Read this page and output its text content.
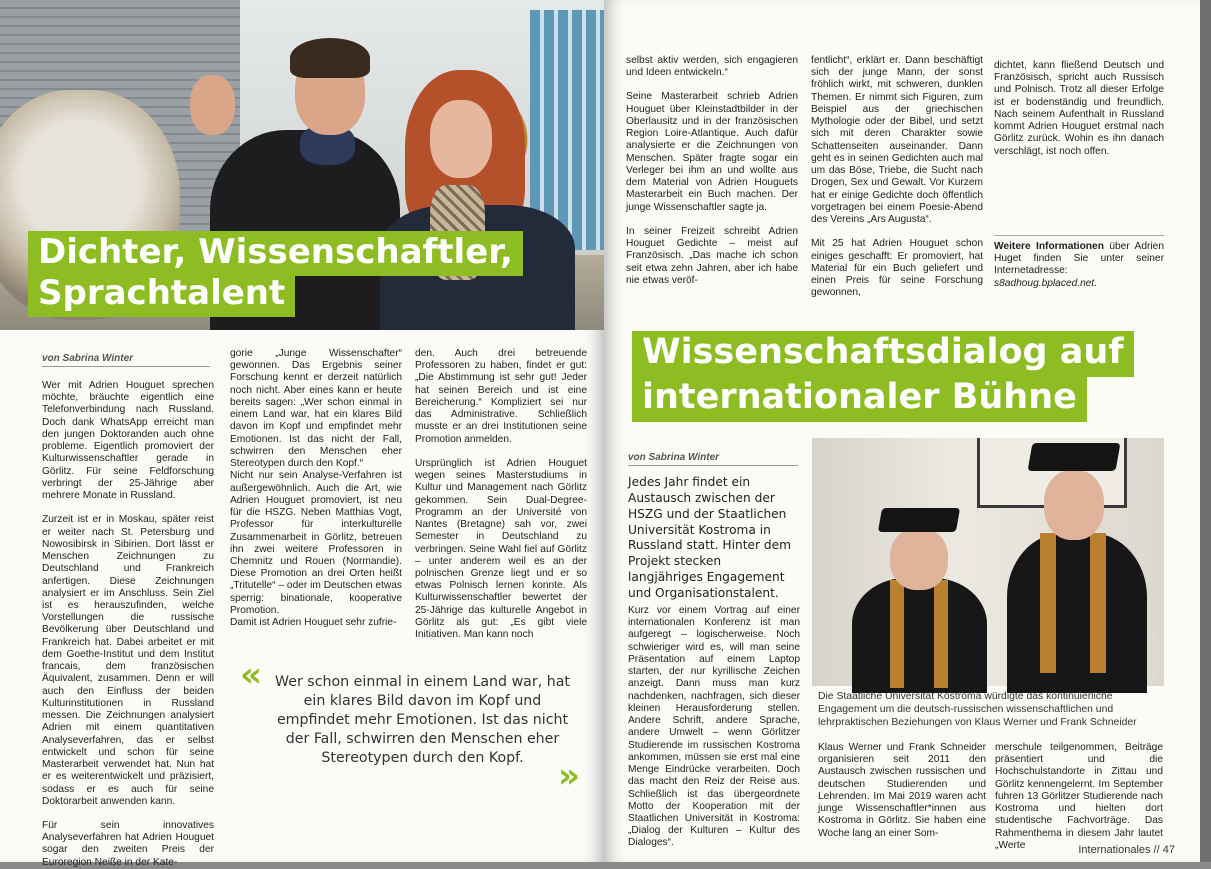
Dichter, Wissenschaftler,
Sprachtalent
von Sabrina Winter

Wer mit Adrien Houguet sprechen möchte, bräuchte eigentlich eine Telefonverbindung nach Russland. Doch dank WhatsApp erreicht man den jungen Doktoranden auch ohne probleme. Eigentlich promoviert der Kulturwissenschaftler gerade in Görlitz. Für seine Feldforschung verbringt der 25-Jährige aber mehrere Monate in Russland.

Zurzeit ist er in Moskau, später reist er weiter nach St. Petersburg und Nowosibirsk in Sibirien. Dort lässt er Menschen Zeichnungen zu Deutschland und Frankreich anfertigen. Diese Zeichnungen analysiert er im Anschluss. Sein Ziel ist es herauszufinden, welche Vorstellungen die russische Bevölkerung über Deutschland und Frankreich hat. Dabei arbeitet er mit dem Goethe-Institut und dem Institut francais, dem französischen Äquivalent, zusammen. Denn er will auch den Einfluss der beiden Kulturinstitutionen in Russland messen. Die Zeichnungen analysiert Adrien mit einem quantitativen Analyseverfahren, das er selbst entwickelt und schon für seine Masterarbeit verwendet hat. Nun hat er es weiterentwickelt und präzisiert, sodass er es auch für seine Doktorarbeit anwenden kann.

Für sein innovatives Analyseverfahren hat Adrien Houguet sogar den zweiten Preis der Euroregion Neiße in der Kate-

gorie „Junge Wissenschafter“ gewonnen. Das Ergebnis seiner Forschung kennt er derzeit natürlich noch nicht. Aber eines kann er heute bereits sagen: „Wer schon einmal in einem Land war, hat ein klares Bild davon im Kopf und empfindet mehr Emotionen. Ist das nicht der Fall, schwirren den Menschen eher Stereotypen durch den Kopf.“

Nicht nur sein Analyse-Verfahren ist außergewöhnlich. Auch die Art, wie Adrien Houguet promoviert, ist neu für die HSZG. Neben Matthias Vogt, Professor für interkulturelle Zusammenarbeit in Görlitz, betreuen ihn zwei weitere Professoren in Chemnitz und Rouen (Normandie). Diese Promotion an drei Orten heißt „Tritutelle“ – oder im Deutschen etwas sperrig: binationale, kooperative Promotion.

Damit ist Adrien Houguet sehr zufrie-

den. Auch drei betreuende Professoren zu haben, findet er gut: „Die Abstimmung ist sehr gut! Jeder hat seinen Bereich und ist eine Bereicherung.“ Kompliziert sei nur das Administrative. Schließlich musste er an drei Institutionen seine Promotion anmelden.

Ursprünglich ist Adrien Houguet wegen seines Masterstudiums in Kultur und Management nach Görlitz gekommen. Sein Dual-Degree-Programm an der Université von Nantes (Bretagne) sah vor, zwei Semester in Deutschland zu verbringen. Seine Wahl fiel auf Görlitz – unter anderem weil es an der polnischen Grenze liegt und er so etwas Polnisch lernen konnte. Als Kulturwissenschaftler bewertet der 25-Jährige das kulturelle Angebot in Görlitz als gut: „Es gibt viele Initiativen. Man kann noch

« Wer schon einmal in einem Land war, hat ein klares Bild davon im Kopf und empfindet mehr Emotionen. Ist das nicht der Fall, schwirren den Menschen eher Stereotypen durch den Kopf.	»

selbst aktiv werden, sich engagieren und Ideen entwickeln.“

Seine Masterarbeit schrieb Adrien Houguet über Kleinstadtbilder in der Oberlausitz und in der französischen Region Loire-Atlantique. Auch dafür analysierte er die Zeichnungen von Menschen. Später fragte sogar ein Verleger bei ihm an und wollte aus dem Material von Adrien Houguets Masterarbeit ein Buch machen. Der junge Wissenschaftler sagte ja.

In seiner Freizeit schreibt Adrien Houguet Gedichte – meist auf Französisch. „Das mache ich schon seit etwa zehn Jahren, aber ich habe nie etwas veröf-

fentlicht“, erklärt er. Dann beschäftigt sich der junge Mann, der sonst fröhlich wirkt, mit schweren, dunklen Themen. Er nimmt sich Figuren, zum Beispiel aus der griechischen Mythologie oder der Bibel, und setzt sich mit deren Charakter sowie Schattenseiten auseinander. Dann geht es in seinen Gedichten auch mal um das Böse, Triebe, die Sucht nach Drogen, Sex und Gewalt. Vor Kurzem hat er einige Gedichte doch öffentlich vorgetragen bei einem Poesie-Abend des Vereins „Ars Augusta“.

Mit 25 hat Adrien Houguet schon einiges geschafft: Er promoviert, hat Material für ein Buch geliefert und einen Preis für seine Forschung gewonnen,

dichtet, kann fließend Deutsch und Französisch, spricht auch Russisch und Polnisch. Trotz all dieser Erfolge ist er bodenständig und freundlich. Nach seinem Aufenthalt in Russland kommt Adrien Houguet erstmal nach Görlitz zurück. Wohin es ihn danach verschlägt, ist noch offen.

Weitere Informationen über Adrien Huget finden Sie unter seiner Internetadresse: s8adhoug.bplaced.net.
Wissenschaftsdialog auf
internationaler Bühne
von Sabrina Winter
Jedes Jahr findet ein Austausch zwischen der HSZG und der Staatlichen Universität Kostroma in Russland statt. Hinter dem Projekt stecken langjähriges Engagement und Organisationstalent.

Kurz vor einem Vortrag auf einer internationalen Konferenz ist man aufgeregt – logischerweise. Noch schwieriger wird es, will man seine Präsentation auf einem Laptop starten, der nur kyrillische Zeichen anzeigt. Dann muss man kurz nachdenken, nachfragen, sich dieser kleinen Herausforderung stellen. Andere Schrift, andere Sprache, andere Umwelt – wenn Görlitzer Studierende im russischen Kostroma ankommen, müssen sie erst mal eine Menge Eindrücke verarbeiten. Doch das macht den Reiz der Reise aus. Schließlich ist das übergeordnete Motto der Kooperation mit der Staatlichen Universität in Kostroma: „Dialog der Kulturen – Kultur des Dialoges“.

Foto: Frank Schneider
Die Staatliche Universität Kostroma würdigte das kontinuierliche Engagement um die deutsch-russischen wissenschaftlichen und lehrpraktischen Beziehungen von Klaus Werner und Frank Schneider

Klaus Werner und Frank Schneider organisieren seit 2011 den Austausch zwischen russischen und deutschen Studierenden und Lehrenden. Im Mai 2019 waren acht junge Wissenschaftler*innen aus Kostroma in Görlitz. Sie haben eine Woche lang an einer Som-

merschule teilgenommen, Beiträge präsentiert und die Hochschulstandorte in Zittau und Görlitz kennengelernt. Im September fuhren 13 Görlitzer Studierende nach Kostroma und hielten dort studentische Fachvorträge. Das Rahmenthema in diesem Jahr lautet „Werte	Internationales // 47
